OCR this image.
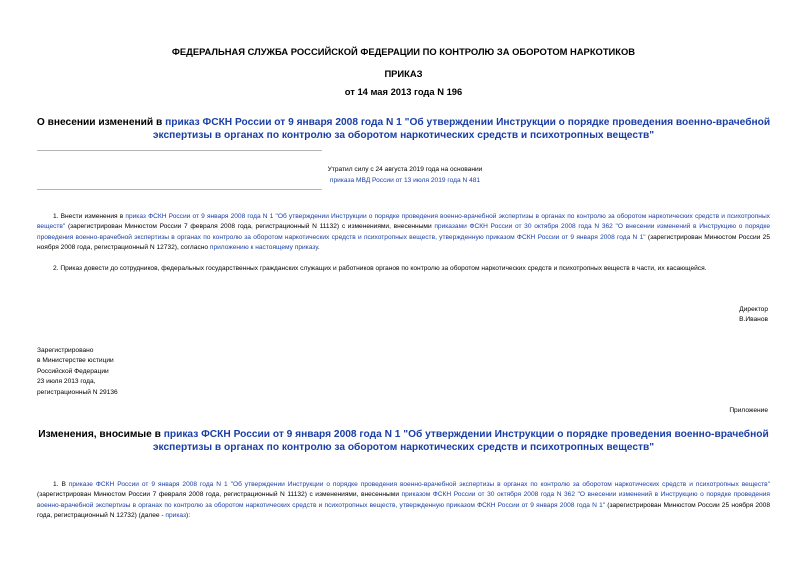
ФЕДЕРАЛЬНАЯ СЛУЖБА РОССИЙСКОЙ ФЕДЕРАЦИИ ПО КОНТРОЛЮ ЗА ОБОРОТОМ НАРКОТИКОВ
ПРИКАЗ
от 14 мая 2013 года N 196
О внесении изменений в приказ ФСКН России от 9 января 2008 года N 1 "Об утверждении Инструкции о порядке проведения военно-врачебной экспертизы в органах по контролю за оборотом наркотических средств и психотропных веществ"
Утратил силу с 24 августа 2019 года на основании
приказа МВД России от 13 июля 2019 года N 481

1. Внести изменения в приказ ФСКН России от 9 января 2008 года N 1 "Об утверждении Инструкции о порядке проведения военно-врачебной экспертизы в органах по контролю за оборотом наркотических средств и психотропных веществ" (зарегистрирован Минюстом России 7 февраля 2008 года, регистрационный N 11132) с изменениями, внесенными приказами ФСКН России от 30 октября 2008 года N 362 "О внесении изменений в Инструкцию о порядке проведения военно-врачебной экспертизы в органах по контролю за оборотом наркотических средств и психотропных веществ, утвержденную приказом ФСКН России от 9 января 2008 года N 1" (зарегистрирован Минюстом России 25 ноября 2008 года, регистрационный N 12732), согласно приложению к настоящему приказу.

2. Приказ довести до сотрудников, федеральных государственных гражданских служащих и работников органов по контролю за оборотом наркотических средств и психотропных веществ в части, их касающейся.

Директор
В.Иванов
Зарегистрировано
в Министерстве юстиции
Российской Федерации
23 июля 2013 года,
регистрационный N 29136
Приложение
Изменения, вносимые в приказ ФСКН России от 9 января 2008 года N 1 "Об утверждении Инструкции о порядке проведения военно-врачебной экспертизы в органах по контролю за оборотом наркотических средств и психотропных веществ"

1. В приказе ФСКН России от 9 января 2008 года N 1 "Об утверждении Инструкции о порядке проведения военно-врачебной экспертизы в органах по контролю за оборотом наркотических средств и психотропных веществ" (зарегистрирован Минюстом России 7 февраля 2008 года, регистрационный N 11132) с изменениями, внесенными приказом ФСКН России от 30 октября 2008 года N 362 "О внесении изменений в Инструкцию о порядке проведения военно-врачебной экспертизы в органах по контролю за оборотом наркотических средств и психотропных веществ, утвержденную приказом ФСКН России от 9 января 2008 года N 1" (зарегистрирован Минюстом России 25 ноября 2008 года, регистрационный N 12732) (далее - приказ):
